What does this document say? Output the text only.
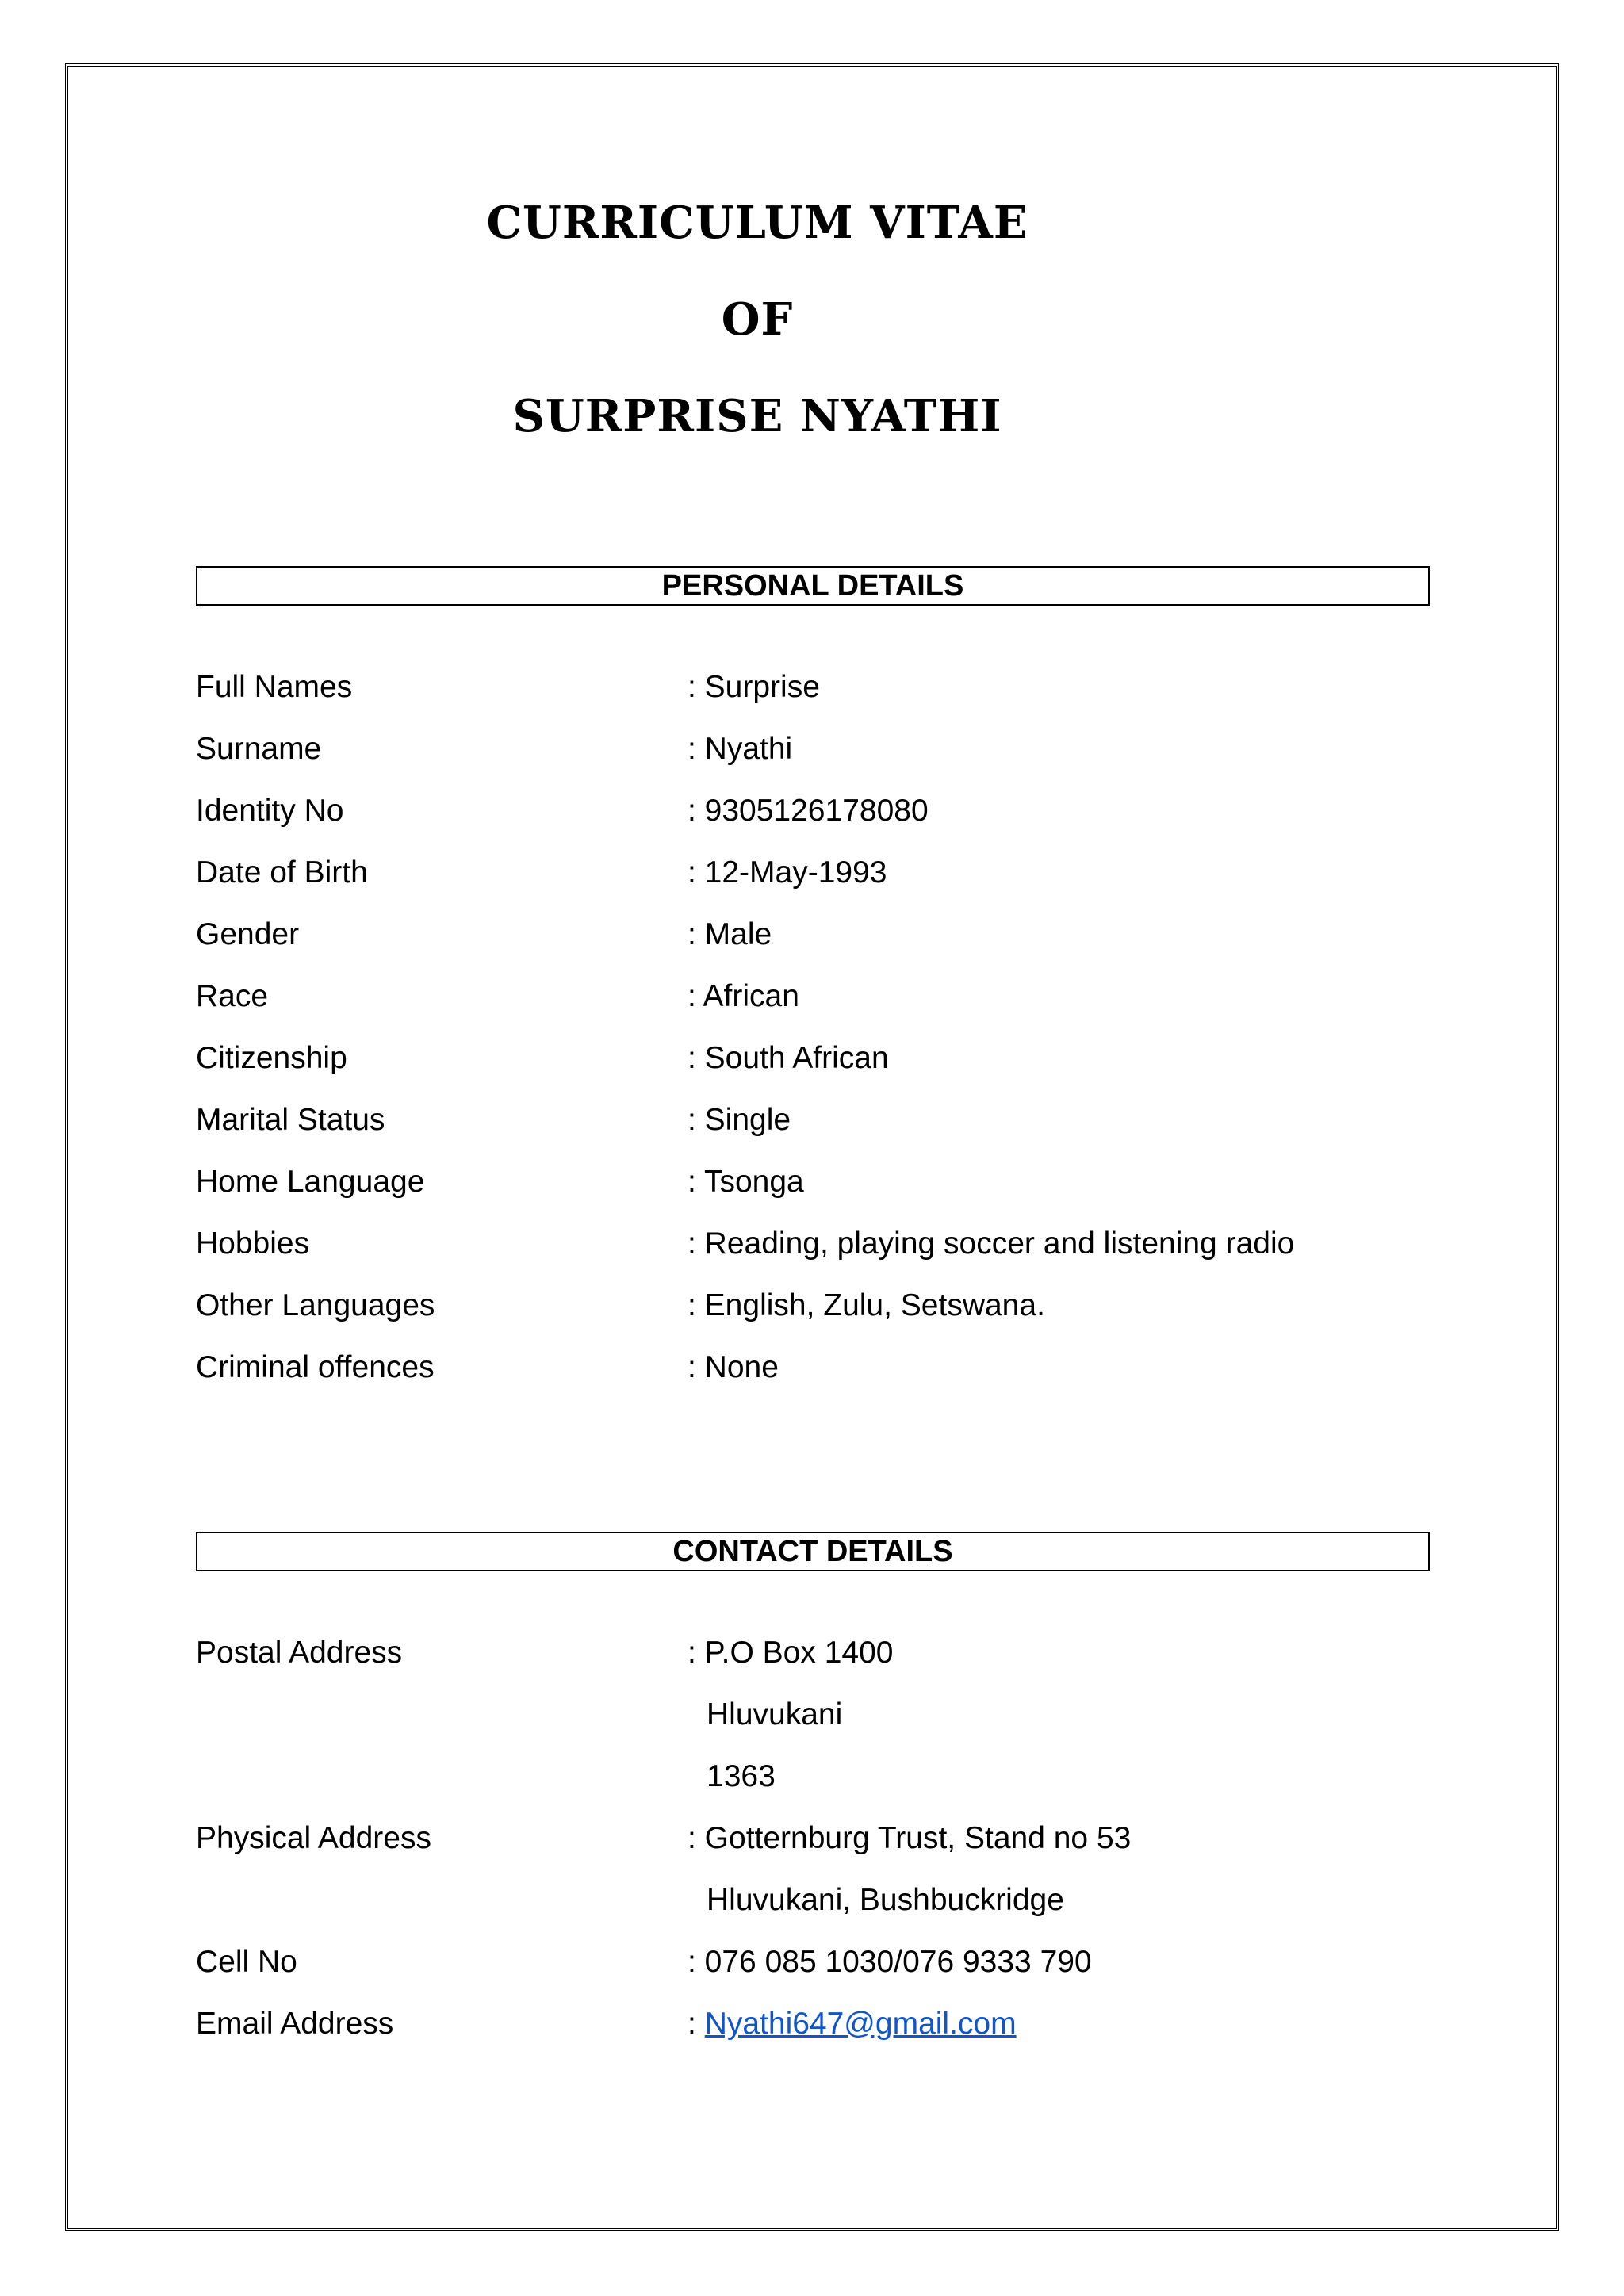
CURRICULUM VITAE
OF
SURPRISE NYATHI
PERSONAL DETAILS
Full Names	: Surprise
Surname	: Nyathi
Identity No	: 9305126178080
Date of Birth	: 12-May-1993
Gender	: Male
Race	: African
Citizenship	: South African
Marital Status	: Single
Home Language	: Tsonga
Hobbies	: Reading, playing soccer and listening radio
Other Languages	: English, Zulu, Setswana.
Criminal offences	: None
CONTACT DETAILS
Postal Address	: P.O Box 1400
Hluvukani
1363
Physical Address	: Gotternburg Trust, Stand no 53
Hluvukani, Bushbuckridge
Cell No	: 076 085 1030/076 9333 790
Email Address	: Nyathi647@gmail.com
